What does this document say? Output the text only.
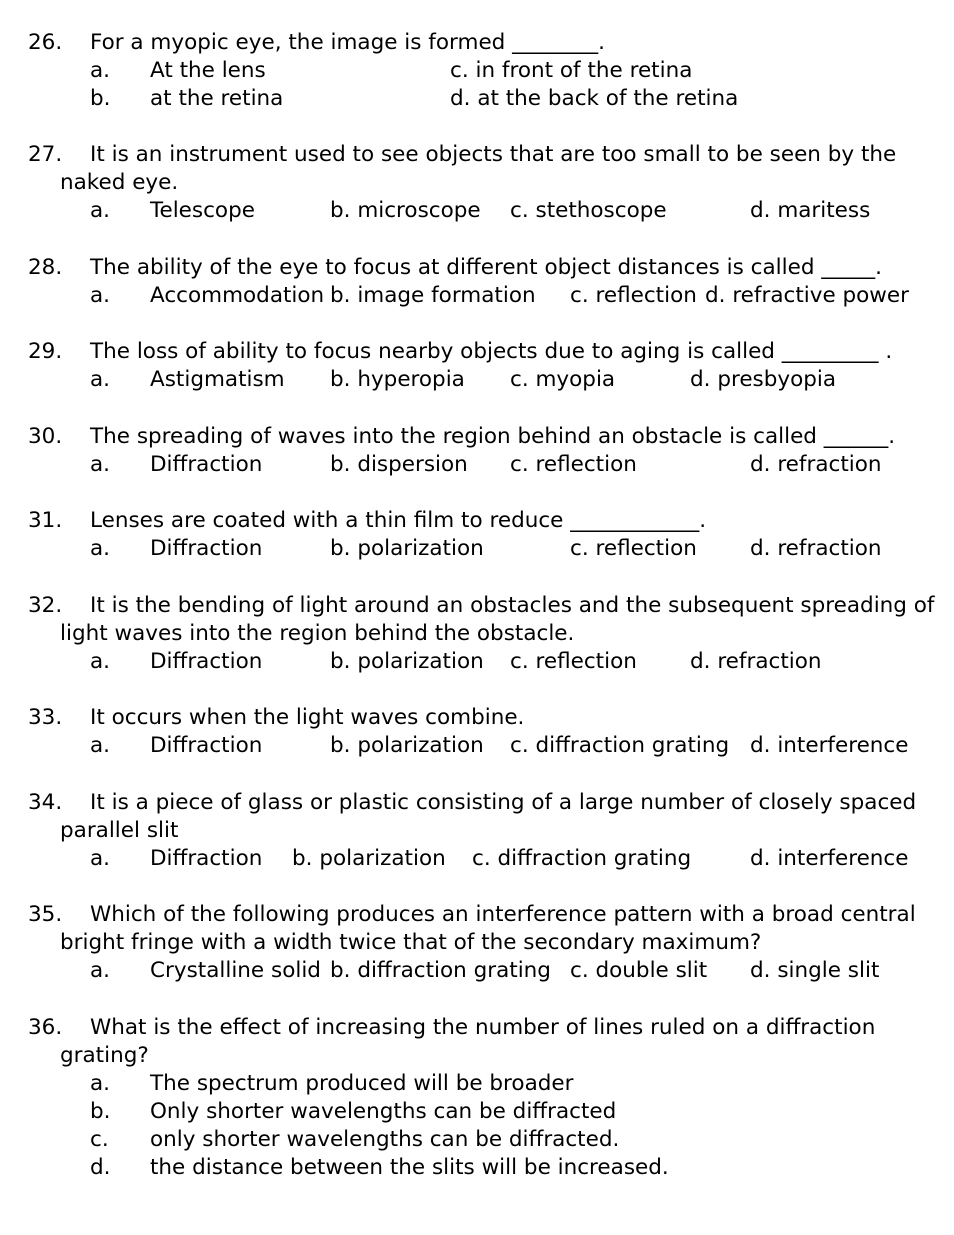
26. For a myopic eye, the image is formed ________.
a. At the lens	c. in front of the retina
b. at the retina	d. at the back of the retina
27. It is an instrument used to see objects that are too small to be seen by the
naked eye.
a. Telescope	b. microscope c. stethoscope	d. maritess
28. The ability of the eye to focus at different object distances is called _____.
a. Accommodation b. image formation c. reflection d. refractive power
29. The loss of ability to focus nearby objects due to aging is called _________ .
a. Astigmatism b. hyperopia c. myopia	d. presbyopia
30. The spreading of waves into the region behind an obstacle is called ______.
a. Diffraction	b. dispersion c. reflection	d. refraction
31. Lenses are coated with a thin film to reduce ____________.
a. Diffraction	b. polarization	c. reflection d. refraction
32. It is the bending of light around an obstacles and the subsequent spreading of
light waves into the region behind the obstacle.
a. Diffraction	b. polarization c. reflection d. refraction
33. It occurs when the light waves combine.
a. Diffraction	b. polarization c. diffraction grating d. interference
34. It is a piece of glass or plastic consisting of a large number of closely spaced
parallel slit
a. Diffraction b. polarization c. diffraction grating	d. interference
35. Which of the following produces an interference pattern with a broad central
bright fringe with a width twice that of the secondary maximum?
a. Crystalline solid b. diffraction grating c. double slit d. single slit
36. What is the effect of increasing the number of lines ruled on a diffraction
grating?
a. The spectrum produced will be broader
b. Only shorter wavelengths can be diffracted
c. only shorter wavelengths can be diffracted.
d. the distance between the slits will be increased.
